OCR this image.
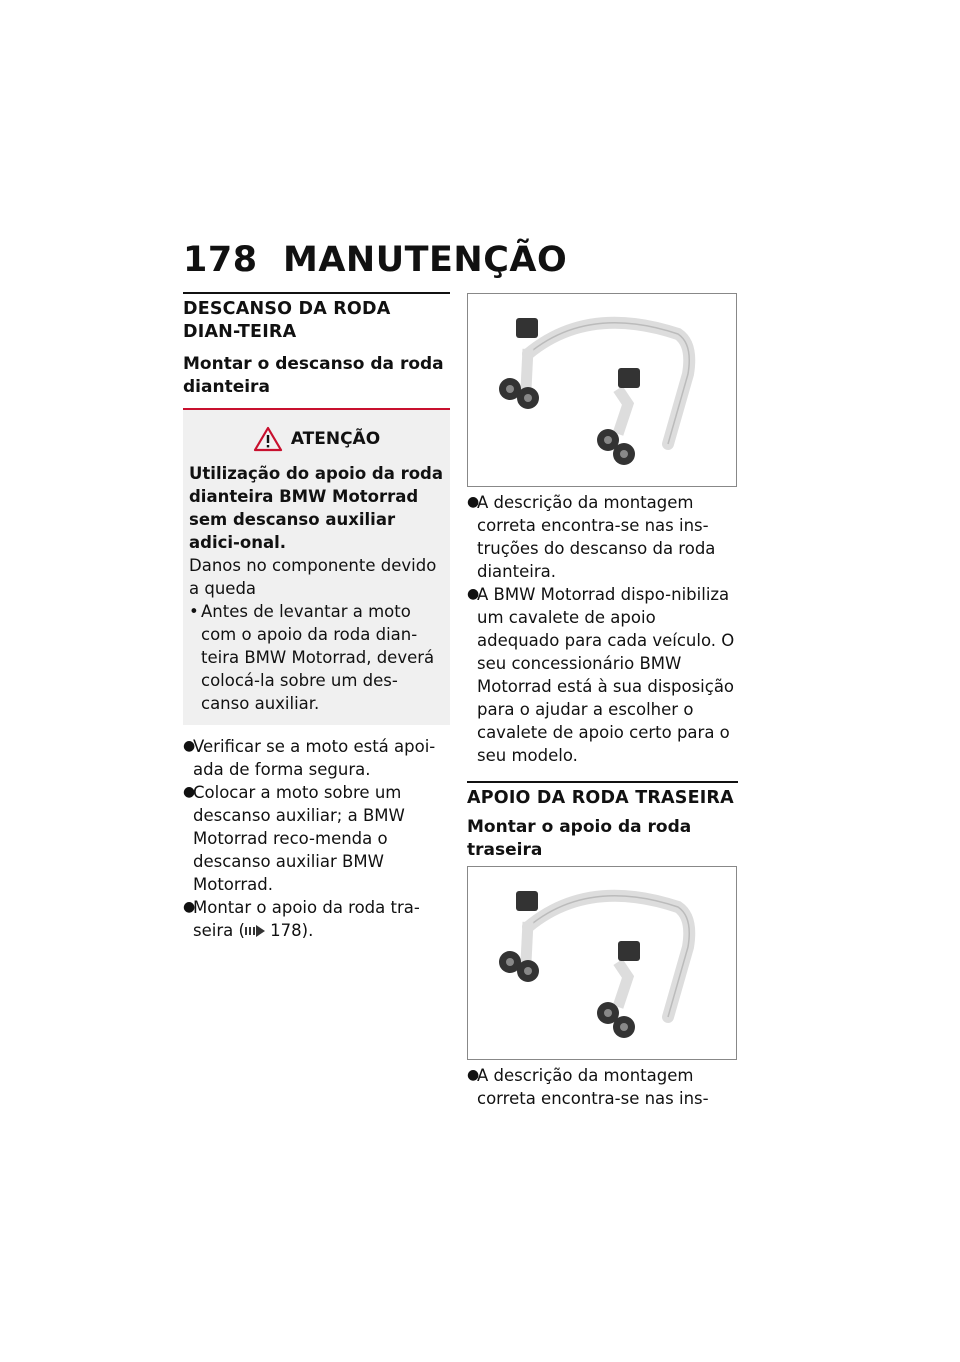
178 MANUTENÇÃO
DESCANSO DA RODA DIAN-TEIRA
Montar o descanso da roda dianteira
ATENÇÃO
Utilização do apoio da roda dianteira BMW Motorrad sem descanso auxiliar adici-onal.
Danos no componente devido a queda
• Antes de levantar a moto com o apoio da roda dian-teira BMW Motorrad, deverá colocá-la sobre um des-canso auxiliar.
●
Verificar se a moto está apoi-ada de forma segura.
●
Colocar a moto sobre um descanso auxiliar; a BMW Motorrad reco-menda o descanso auxiliar BMW Motorrad.
●
Montar o apoio da roda tra-seira ( 178).
●
A descrição da montagem correta encontra-se nas ins-truções do descanso da roda dianteira.
●
A BMW Motorrad dispo-nibiliza um cavalete de apoio adequado para cada veículo. O seu concessionário BMW Motorrad está à sua disposição para o ajudar a escolher o cavalete de apoio certo para o seu modelo.
APOIO DA RODA TRASEIRA
Montar o apoio da roda traseira
●
A descrição da montagem correta encontra-se nas ins-
